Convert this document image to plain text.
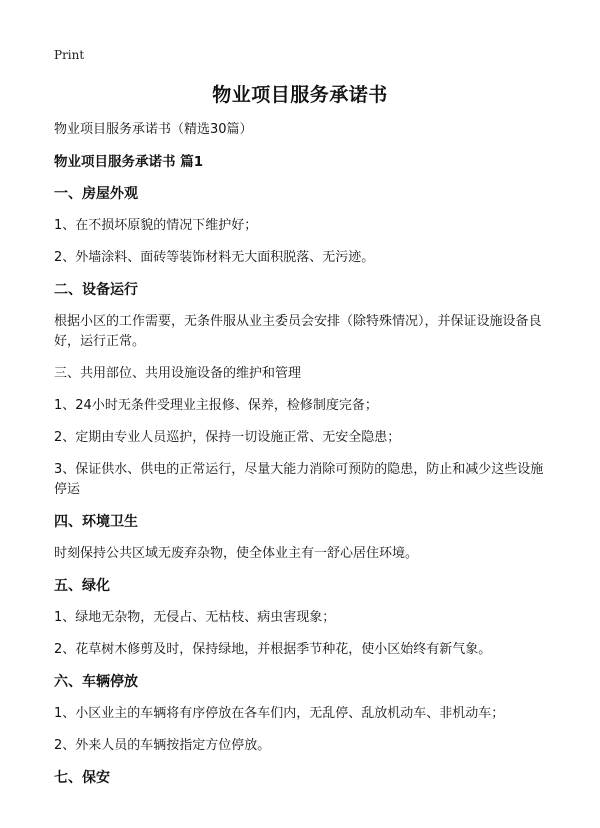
Print
物业项目服务承诺书

物业项目服务承诺书（精选30篇）

物业项目服务承诺书 篇1

一、房屋外观

1、在不损坏原貌的情况下维护好；

2、外墙涂料、面砖等装饰材料无大面积脱落、无污迹。

二、设备运行

根据小区的工作需要，无条件服从业主委员会安排（除特殊情况），并保证设施设备良好，运行正常。

三、共用部位、共用设施设备的维护和管理

1、24小时无条件受理业主报修、保养，检修制度完备；

2、定期由专业人员巡护，保持一切设施正常、无安全隐患；

3、保证供水、供电的正常运行，尽量大能力消除可预防的隐患，防止和减少这些设施停运

四、环境卫生

时刻保持公共区域无废弃杂物，使全体业主有一舒心居住环境。

五、绿化

1、绿地无杂物，无侵占、无枯枝、病虫害现象；

2、花草树木修剪及时，保持绿地，并根据季节种花，使小区始终有新气象。

六、车辆停放

1、小区业主的车辆将有序停放在各车们内，无乱停、乱放机动车、非机动车；

2、外来人员的车辆按指定方位停放。

七、保安
